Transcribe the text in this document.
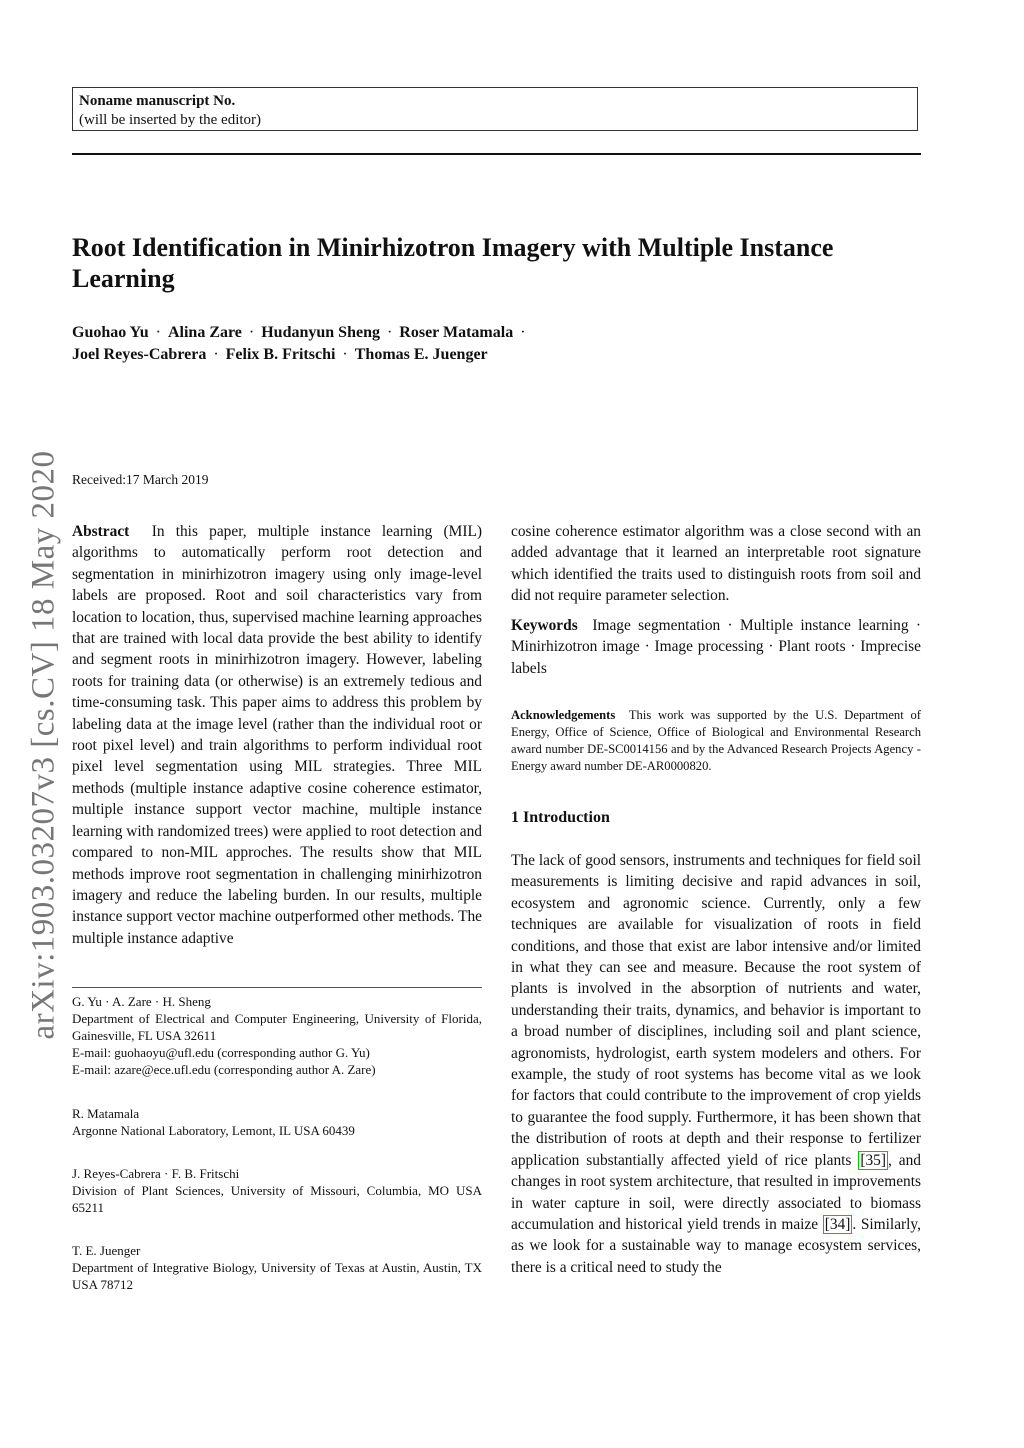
Noname manuscript No.
(will be inserted by the editor)
Root Identification in Minirhizotron Imagery with Multiple Instance Learning
Guohao Yu · Alina Zare · Hudanyun Sheng · Roser Matamala ·
Joel Reyes-Cabrera · Felix B. Fritschi · Thomas E. Juenger
arXiv:1903.03207v3 [cs.CV] 18 May 2020 Received:17 March 2019
Abstract In this paper, multiple instance learning (MIL) algorithms to automatically perform root detection and segmentation in minirhizotron imagery using only image-level labels are proposed. Root and soil characteristics vary from location to location, thus, supervised machine learning approaches that are trained with local data provide the best ability to identify and segment roots in minirhizotron imagery. However, labeling roots for training data (or otherwise) is an extremely tedious and time-consuming task. This paper aims to address this problem by labeling data at the image level (rather than the individual root or root pixel level) and train algorithms to perform individual root pixel level segmentation using MIL strategies. Three MIL methods (multiple instance adaptive cosine coherence estimator, multiple instance support vector machine, multiple instance learning with randomized trees) were applied to root detection and compared to non-MIL approches. The results show that MIL methods improve root segmentation in challenging minirhizotron imagery and reduce the labeling burden. In our results, multiple instance support vector machine outperformed other methods. The multiple instance adaptive
cosine coherence estimator algorithm was a close second with an added advantage that it learned an interpretable root signature which identified the traits used to distinguish roots from soil and did not require parameter selection.
Keywords Image segmentation · Multiple instance learning · Minirhizotron image · Image processing · Plant roots · Imprecise labels
Acknowledgements This work was supported by the U.S. Department of Energy, Office of Science, Office of Biological and Environmental Research award number DE-SC0014156 and by the Advanced Research Projects Agency - Energy award number DE-AR0000820.
1 Introduction
The lack of good sensors, instruments and techniques for field soil measurements is limiting decisive and rapid advances in soil, ecosystem and agronomic science. Currently, only a few techniques are available for visualization of roots in field conditions, and those that exist are labor intensive and/or limited in what they can see and measure. Because the root system of plants is involved in the absorption of nutrients and water, understanding their traits, dynamics, and behavior is important to a broad number of disciplines, including soil and plant science, agronomists, hydrologist, earth system modelers and others. For example, the study of root systems has become vital as we look for factors that could contribute to the improvement of crop yields to guarantee the food supply. Furthermore, it has been shown that the distribution of roots at depth and their response to fertilizer application substantially affected yield of rice plants [35] , and changes in root system architecture, that resulted in improvements in water capture in soil, were directly associated to biomass accumulation and historical yield trends in maize [34] . Similarly, as we look for a sustainable way to manage ecosystem services, there is a critical need to study the
G. Yu · A. Zare · H. Sheng
Department of Electrical and Computer Engineering, University of Florida, Gainesville, FL USA 32611
E-mail: guohaoyu@ufl.edu (corresponding author G. Yu)
E-mail: azare@ece.ufl.edu (corresponding author A. Zare)
R. Matamala
Argonne National Laboratory, Lemont, IL USA 60439
J. Reyes-Cabrera · F. B. Fritschi
Division of Plant Sciences, University of Missouri, Columbia, MO USA 65211
T. E. Juenger
Department of Integrative Biology, University of Texas at Austin, Austin, TX USA 78712
